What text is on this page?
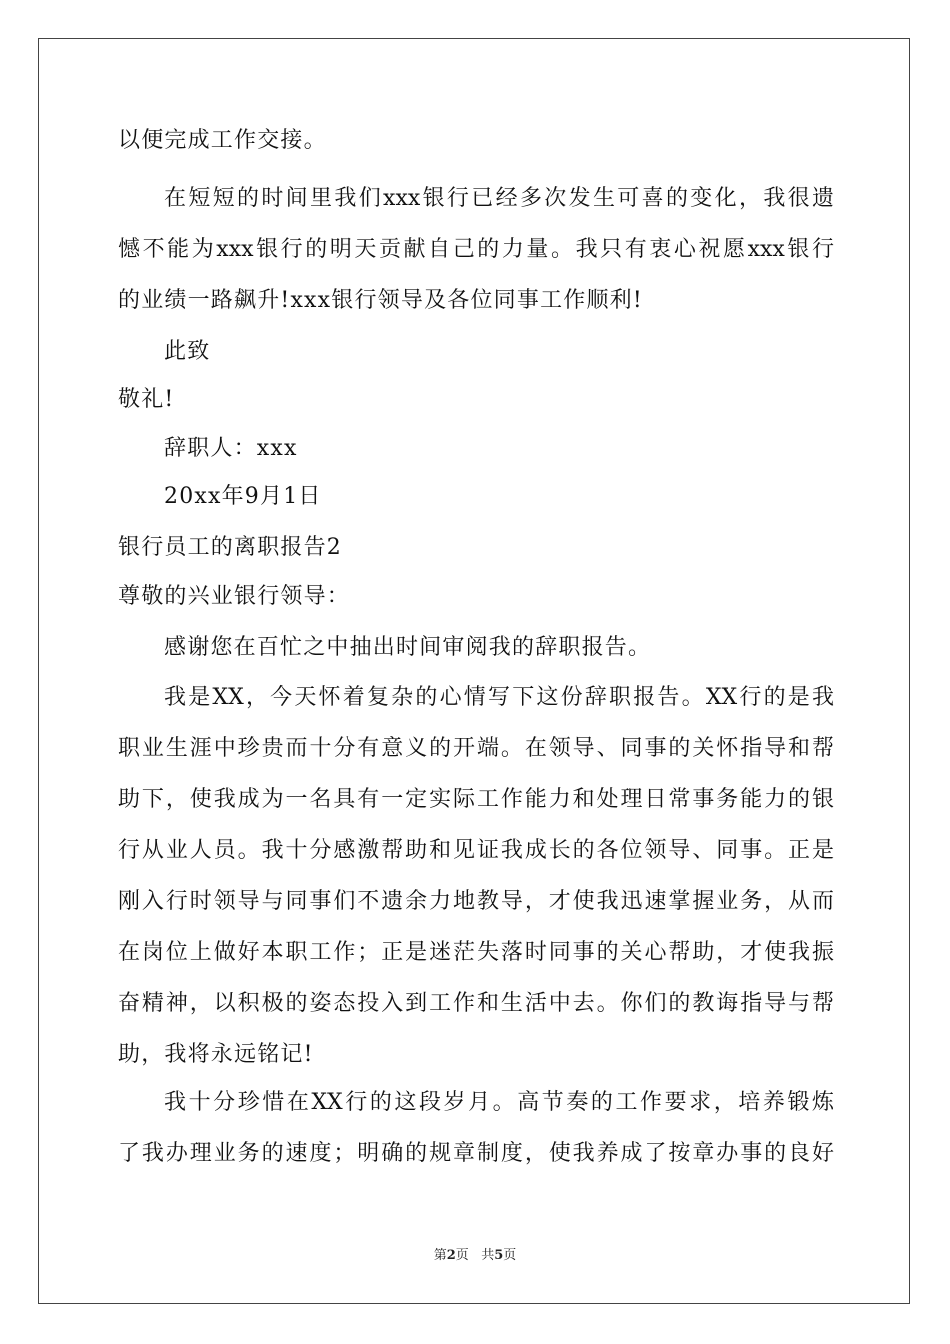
以便完成工作交接。
在短短的时间里我们xxx银行已经多次发生可喜的变化，我很遗
憾不能为xxx银行的明天贡献自己的力量。我只有衷心祝愿xxx银行
的业绩一路飙升!xxx银行领导及各位同事工作顺利!
此致
敬礼!
辞职人：xxx
20xx年9月1日
银行员工的离职报告2
尊敬的兴业银行领导：
感谢您在百忙之中抽出时间审阅我的辞职报告。
我是XX，今天怀着复杂的心情写下这份辞职报告。XX行的是我
职业生涯中珍贵而十分有意义的开端。在领导、同事的关怀指导和帮
助下，使我成为一名具有一定实际工作能力和处理日常事务能力的银
行从业人员。我十分感激帮助和见证我成长的各位领导、同事。正是
刚入行时领导与同事们不遗余力地教导，才使我迅速掌握业务，从而
在岗位上做好本职工作；正是迷茫失落时同事的关心帮助，才使我振
奋精神，以积极的姿态投入到工作和生活中去。你们的教诲指导与帮
助，我将永远铭记!
我十分珍惜在XX行的这段岁月。高节奏的工作要求，培养锻炼
了我办理业务的速度；明确的规章制度，使我养成了按章办事的良好
第2页 共5页
